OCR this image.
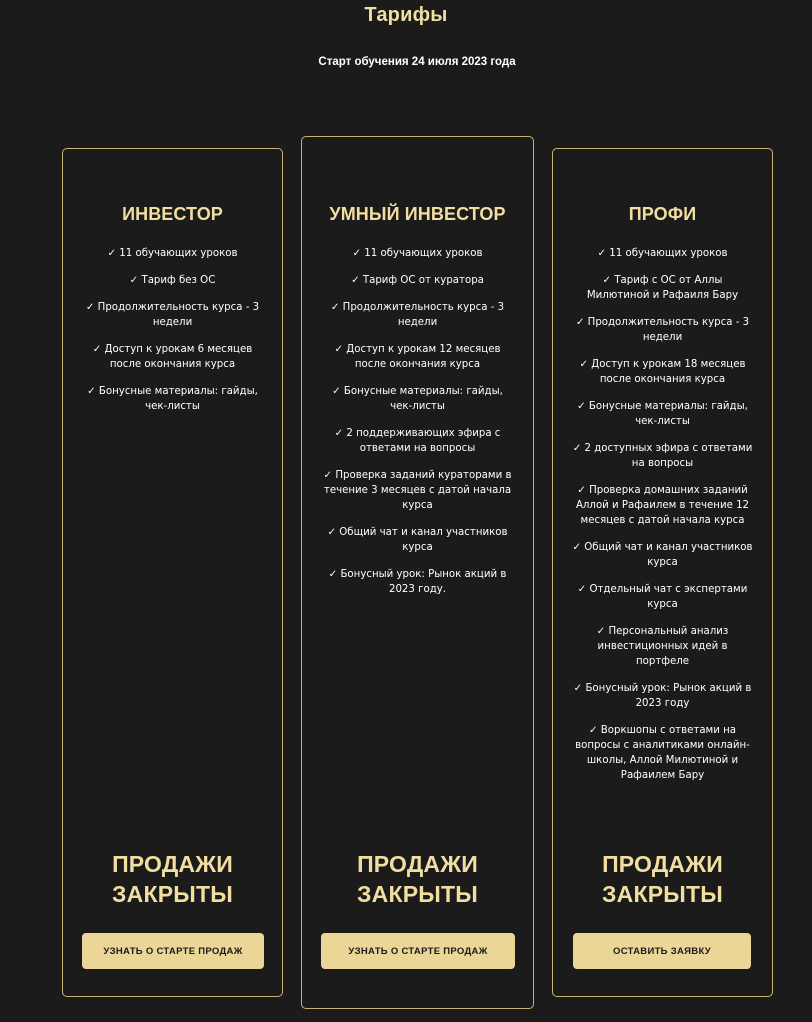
Тарифы
Старт обучения 24 июля 2023 года
ИНВЕСТОР
✓ 11 обучающих уроков
✓ Тариф без ОС
✓ Продолжительность курса - 3 недели
✓ Доступ к урокам 6 месяцев после окончания курса
✓ Бонусные материалы: гайды, чек-листы
ПРОДАЖИ
ЗАКРЫТЫ
УЗНАТЬ О СТАРТЕ ПРОДАЖ
УМНЫЙ ИНВЕСТОР
✓ 11 обучающих уроков
✓ Тариф ОС от куратора
✓ Продолжительность курса - 3 недели
✓ Доступ к урокам 12 месяцев после окончания курса
✓ Бонусные материалы: гайды, чек-листы
✓ 2 поддерживающих эфира с ответами на вопросы
✓ Проверка заданий кураторами в течение 3 месяцев с датой начала курса
✓ Общий чат и канал участников курса
✓ Бонусный урок: Рынок акций в 2023 году.
ПРОДАЖИ
ЗАКРЫТЫ
УЗНАТЬ О СТАРТЕ ПРОДАЖ
ПРОФИ
✓ 11 обучающих уроков
✓ Тариф с ОС от Аллы Милютиной и Рафаиля Бару
✓ Продолжительность курса - 3 недели
✓ Доступ к урокам 18 месяцев после окончания курса
✓ Бонусные материалы: гайды, чек-листы
✓ 2 доступных эфира с ответами на вопросы
✓ Проверка домашних заданий Аллой и Рафаилем в течение 12 месяцев с датой начала курса
✓ Общий чат и канал участников курса
✓ Отдельный чат с экспертами курса
✓ Персональный анализ инвестиционных идей в портфеле
✓ Бонусный урок: Рынок акций в 2023 году
✓ Воркшопы с ответами на вопросы с аналитиками онлайн-школы, Аллой Милютиной и Рафаилем Бару
ПРОДАЖИ
ЗАКРЫТЫ
ОСТАВИТЬ ЗАЯВКУ
